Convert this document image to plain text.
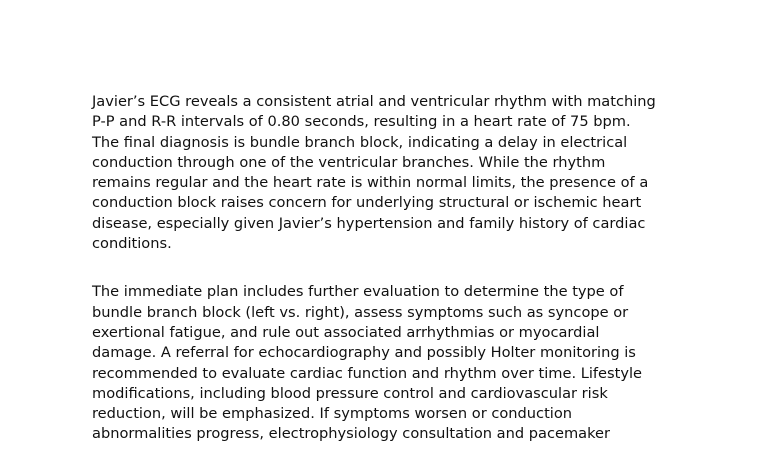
Javier’s ECG reveals a consistent atrial and ventricular rhythm with matching
P-P and R-R intervals of 0.80 seconds, resulting in a heart rate of 75 bpm.
The final diagnosis is bundle branch block, indicating a delay in electrical
conduction through one of the ventricular branches. While the rhythm
remains regular and the heart rate is within normal limits, the presence of a
conduction block raises concern for underlying structural or ischemic heart
disease, especially given Javier’s hypertension and family history of cardiac
conditions.

The immediate plan includes further evaluation to determine the type of
bundle branch block (left vs. right), assess symptoms such as syncope or
exertional fatigue, and rule out associated arrhythmias or myocardial
damage. A referral for echocardiography and possibly Holter monitoring is
recommended to evaluate cardiac function and rhythm over time. Lifestyle
modifications, including blood pressure control and cardiovascular risk
reduction, will be emphasized. If symptoms worsen or conduction
abnormalities progress, electrophysiology consultation and pacemaker
